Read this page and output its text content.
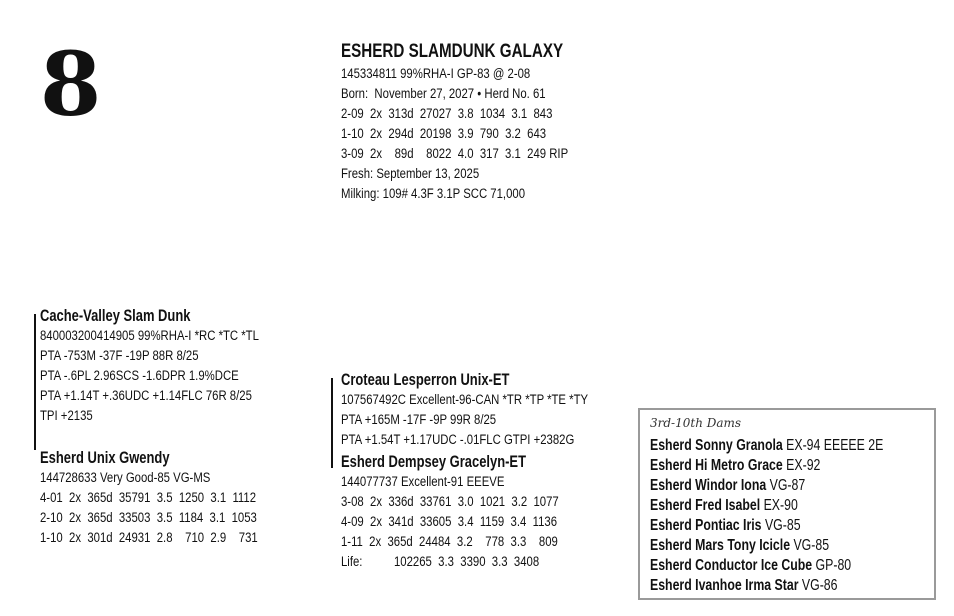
8	ESHERD SLAMDUNK GALAXY
145334811 99%RHA-I GP-83 @ 2-08
Born:  November 27, 2027 • Herd No. 61
2-09  2x  313d  27027  3.8  1034  3.1  843
1-10  2x  294d  20198  3.9  790  3.2  643
3-09  2x    89d    8022  4.0  317  3.1  249 RIP
Fresh: September 13, 2025
Milking: 109# 4.3F 3.1P SCC 71,000
Cache-Valley Slam Dunk
840003200414905 99%RHA-I *RC *TC *TL
PTA -753M -37F -19P 88R 8/25
PTA -.6PL 2.96SCS -1.6DPR 1.9%DCE
PTA +1.14T +.36UDC +1.14FLC 76R 8/25
TPI +2135
Esherd Unix Gwendy
144728633 Very Good-85 VG-MS
4-01  2x  365d  35791  3.5  1250  3.1  1112
2-10  2x  365d  33503  3.5  1184  3.1  1053
1-10  2x  301d  24931  2.8    710  2.9    731
Croteau Lesperron Unix-ET
107567492C Excellent-96-CAN *TR *TP *TE *TY
PTA +165M -17F -9P 99R 8/25
PTA +1.54T +1.17UDC -.01FLC GTPI +2382G
Esherd Dempsey Gracelyn-ET
144077737 Excellent-91 EEEVE
3-08  2x  336d  33761  3.0  1021  3.2  1077
4-09  2x  341d  33605  3.4  1159  3.4  1136
1-11  2x  365d  24484  3.2    778  3.3    809
Life:          102265  3.3  3390  3.3  3408
3rd-10th Dams
Esherd Sonny Granola EX-94 EEEEE 2E
Esherd Hi Metro Grace EX-92
Esherd Windor Iona VG-87
Esherd Fred Isabel EX-90
Esherd Pontiac Iris VG-85
Esherd Mars Tony Icicle VG-85
Esherd Conductor Ice Cube GP-80
Esherd Ivanhoe Irma Star VG-86
